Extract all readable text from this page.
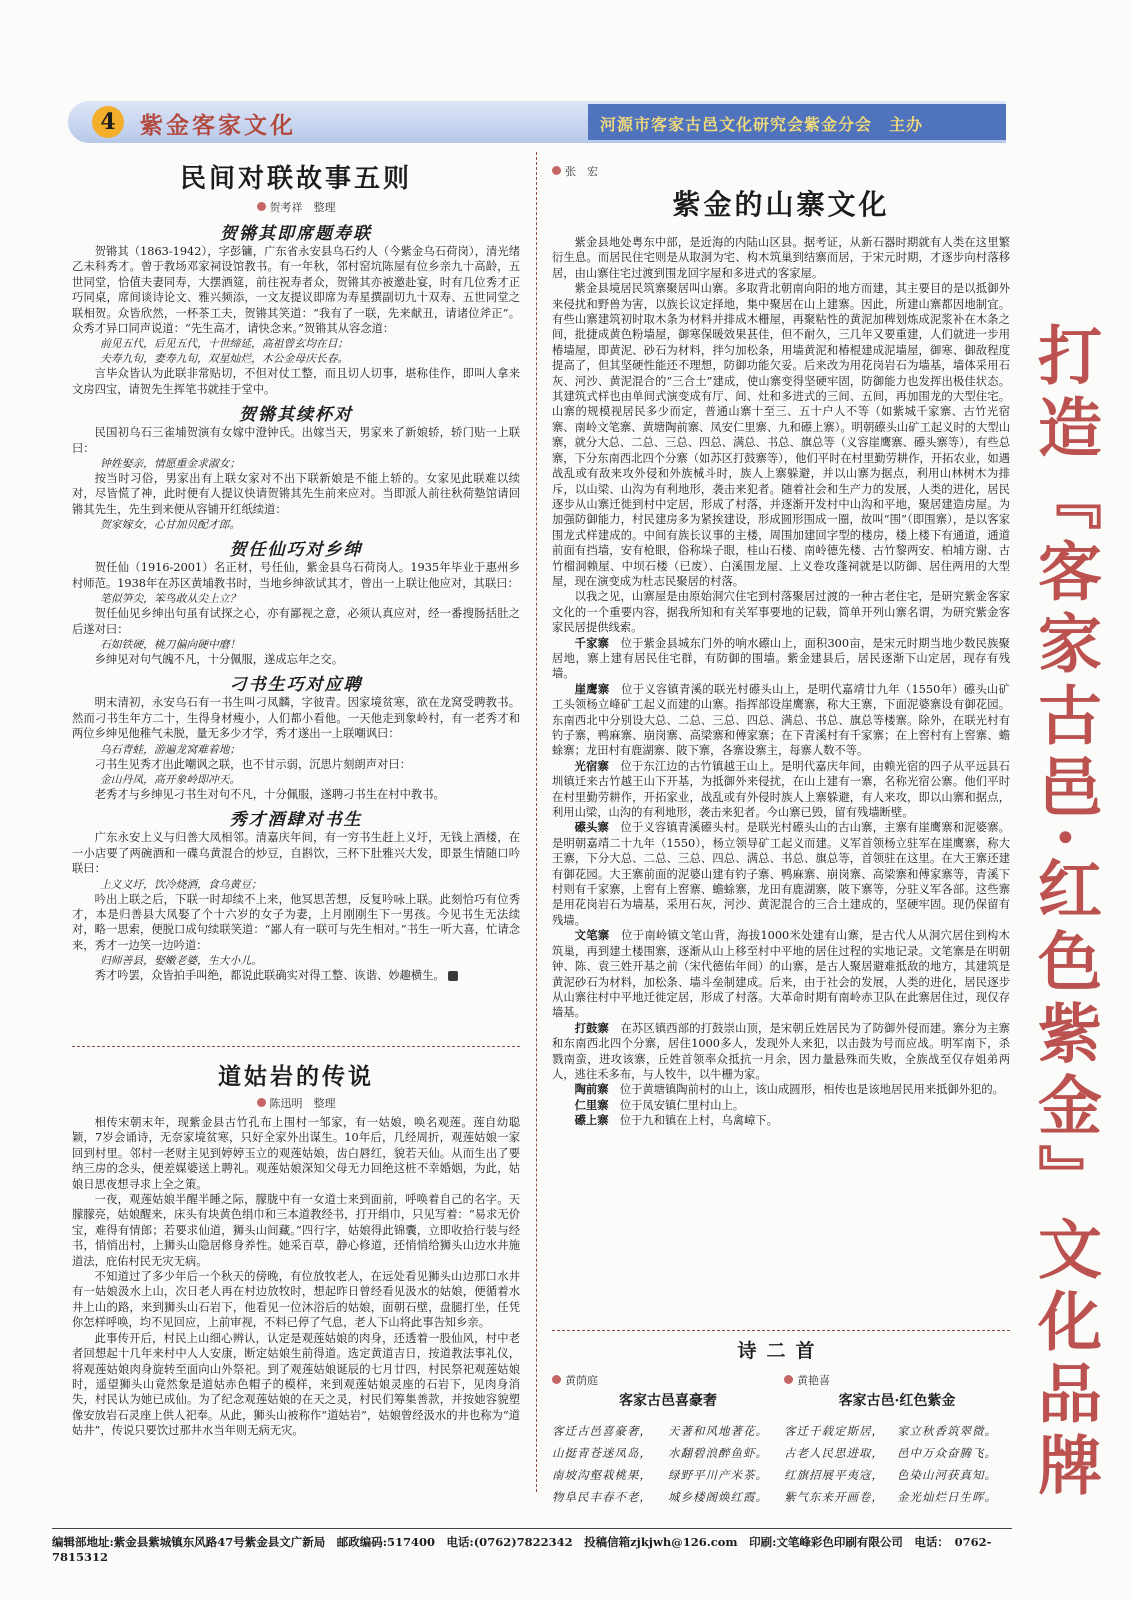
4	紫金客家文化	河源市客家古邑文化研究会紫金分会　主办
打造『客家古邑·红色紫金』文化品牌
民间对联故事五则
贺考祥　整理
贺锵其即席题寿联

贺锵其（1863-1942），字彭镛，广东省永安县乌石约人（今紫金乌石荷岗），清光绪乙未科秀才。曾于教场邓家祠设馆教书。有一年秋，邻村窑坑陈屋有位乡亲九十高龄，五世同堂，恰值夫妻同寿，大摆酒筵，前往祝寿者众，贺锵其亦被邀赴宴，时有几位秀才正巧同桌，席间谈诗论文、雅兴频添，一文友提议即席为寿星撰副切九十双寿、五世同堂之联相贺。众皆欣然，一杯茶工夫，贺锵其笑道：“我有了一联，先来献丑，请诸位斧正”。众秀才异口同声说道：“先生高才，请快念来。”贺锵其从容念道：

前见五代，后见五代，十世缔延，高祖曾玄均在目；
夫寿九旬，妻寿九旬，双星灿烂，木公金母庆长春。

言毕众皆认为此联非常贴切，不但对仗工整，而且切人切事，堪称佳作，即叫人拿来文房四宝，请贺先生挥笔书就挂于堂中。

贺锵其续杯对

民国初乌石三雀埔贺演有女嫁中澄钟氏。出嫁当天，男家来了新娘轿，轿门贴一上联曰：

钟姓娶亲，情愿重金求淑女；

按当时习俗，男家出有上联女家对不出下联新娘是不能上轿的。女家见此联难以续对，尽皆慌了神，此时便有人提议快请贺锵其先生前来应对。当即派人前往秋荷塾馆请回锵其先生，先生到来便从容铺开红纸续道：

贺家嫁女，心甘加贝配才郎。
贺任仙巧对乡绅

贺任仙（1916-2001）名正材，号任仙，紫金县乌石荷岗人。1935年毕业于惠州乡村师范。1938年在苏区黄埔教书时，当地乡绅欲试其才，曾出一上联让他应对，其联曰：

笔似笋尖，笨鸟敢从尖上立？

贺任仙见乡绅出句虽有试探之心，亦有鄙视之意，必须认真应对，经一番搜肠括肚之后遂对曰：

石如铁硬，桃刀偏向硬中磨！

乡绅见对句气魄不凡，十分佩服，遂成忘年之交。

刁书生巧对应聘

明末清初，永安乌石有一书生叫刁凤麟，字彼青。因家境贫寒，欲在龙窝受聘教书。然而刁书生年方二十，生得身材瘦小，人们都小看他。一天他走到象岭村，有一老秀才和两位乡绅见他稚气未脱，量无多少才学，秀才遂出一上联嘲讽曰：

乌石青蛙，游遍龙窝难着地；

刁书生见秀才出此嘲讽之联，也不甘示弱，沉思片刻朗声对曰：

金山丹凤，高开象岭即冲天。

老秀才与乡绅见刁书生对句不凡，十分佩服，遂聘刁书生在村中教书。

秀才酒肆对书生

广东永安上义与归善大凤相邻。清嘉庆年间，有一穷书生赶上义圩，无钱上酒楼，在一小店要了两碗酒和一碟乌黄混合的炒豆，自斟饮，三杯下肚雅兴大发，即景生情随口吟联曰：

上义义圩，饮冷烧酒，食乌黄豆；

吟出上联之后，下联一时却续不上来，他冥思苦想，反复吟咏上联。此刻恰巧有位秀才，本是归善县大凤娶了个十六岁的女子为妻，上月刚刚生下一男孩。今见书生无法续对，略一思索，便脱口成句续联笑道：“鄙人有一联可与先生相对。”书生一听大喜，忙请念来，秀才一边笑一边吟道：

归师善县，娶嫩老婆，生大小儿。

秀才吟罢，众皆拍手叫绝，都说此联确实对得工整、诙谐、妙趣横生。

道姑岩的传说
陈迅明　整理

相传宋朝末年，现紫金县古竹孔布上围村一邹家，有一姑娘，唤名观莲。莲自幼聪颖，7岁会诵诗，无奈家境贫寒，只好全家外出谋生。10年后，几经周折，观莲姑娘一家回到村里。邻村一老财主见到婷婷玉立的观莲姑娘，齿白唇红，貌若天仙。从而生出了要纳三房的念头，便差媒婆送上聘礼。观莲姑娘深知父母无力回绝这桩不幸婚姻，为此，姑娘日思夜想寻求上全之策。

一夜，观莲姑娘半醒半睡之际，朦胧中有一女道士来到面前，呼唤着自己的名字。天朦朦亮，姑娘醒来，床头有块黄色绢巾和三本道教经书，打开绢巾，只见写着：“易求无价宝，难得有情郎；若要求仙道，狮头山间藏。”四行字，姑娘得此锦囊，立即收拾行装与经书，悄悄出村，上狮头山隐居修身养性。她采百草，静心修道，还悄悄给狮头山边水井施道法，庇佑村民无灾无病。

不知道过了多少年后一个秋天的傍晚，有位放牧老人，在远处看见狮头山边那口水井有一姑娘汲水上山，次日老人再在村边放牧时，想起昨日曾经看见汲水的姑娘，便循着水井上山的路，来到狮头山石岩下，他看见一位沐浴后的姑娘，面朝石壁，盘腿打坐，任凭你怎样呼唤，均不见回应，上前审视，不料已停了气息，老人下山将此事告知乡亲。

此事传开后，村民上山细心辨认，认定是观莲姑娘的肉身，还透着一股仙风，村中老者回想起十几年来村中人人安康，断定姑娘生前得道。选定黄道吉日，按道教法事礼仪，将观莲姑娘肉身旋转至面向山外祭祀。到了观莲姑娘诞辰的七月廿四，村民祭祀观莲姑娘时，遥望狮头山竟然象是道姑赤色帽子的模样，来到观莲姑娘灵座的石岩下，见肉身消失，村民认为她已成仙。为了纪念观莲姑娘的在天之灵，村民们筹集善款，并按她容貌塑像安放岩石灵座上供人祀奉。从此，狮头山被称作“道姑岩”，姑娘曾经汲水的井也称为“道姑井”，传说只要饮过那井水当年则无病无灾。

张　宏
紫金的山寨文化

紫金县地处粤东中部，是近海的内陆山区县。据考证，从新石器时期就有人类在这里繁衍生息。而居民住宅则是从取洞为宅、构木筑巢到结寨而居，于宋元时期，才逐步向村落移居，由山寨住宅过渡到围龙回字屋和多进式的客家屋。

紫金县境居民筑寨聚居叫山寨。多取背北朝南向阳的地方而建，其主要目的是以抵御外来侵扰和野兽为害，以族长议定择地，集中聚居在山上建寨。因此，所建山寨都因地制宜。有些山寨建筑初时取木条为材料并排成木栅屋，再聚粘性的黄泥加稗划炼成泥浆补在木条之间，批捷成黄色粉墙屋，御寒保暖效果甚佳，但不耐久，三几年又要重建，人们就进一步用椿墙屋，即黄泥、砂石为材料，拌匀加松条，用墙黄泥和椿棍建成泥墙屋，御寒、御敌程度提高了，但其坚硬性能还不理想，防御功能欠妥。后来改为用花岗岩石为墙基，墙体采用石灰、河沙、黄泥混合的“三合土”建成，使山寨变得坚硬牢固，防御能力也发挥出极佳状态。其建筑式样也由单间式演变成有厅、间、灶和多进式的三间、五间，再加围龙的大型住宅。山寨的规模视居民多少而定，普通山寨十至三、五十户人不等（如紫城千家寨、古竹光宿寨、南岭文笔寨、黄塘陶前寨、凤安仁里寨、九和礤上寨）。明朝礤头山矿工起义时的大型山寨，就分大总、二总、三总、四总、满总、书总、旗总等（义容崖鹰寨、礤头寨等），有些总寨，下分东南西北四个分寨（如苏区打鼓寨等），他们平时在村里勤劳耕作，开拓农业，如遇战乱或有敌来攻外侵和外族械斗时，族人上寨躲避，并以山寨为据点，利用山林树木为排斥，以山梁、山沟为有利地形，袭击来犯者。随着社会和生产力的发展，人类的进化，居民逐步从山寨迁徙到村中定居，形成了村落，并逐渐开发村中山沟和平地，聚居建造房屋。为加强防御能力，村民建房多为紧挨建设，形成圆形围成一圈，故叫“围”（即围寨），是以客家围龙式样建成的。中间有族长议事的主楼，周围加建回字型的楼房，楼上楼下有通道，通道前面有挡墙，安有枪眼，俗称垛子眼，桂山石楼、南岭德先楼、古竹黎两安、柏埔方谢、古竹榴洞赖屋、中坝石楼（已废）、白溪围龙屋、上义卷攻蓬祠就是以防御、居住两用的大型屋，现在演变成为杜志民聚居的村落。

以我之见，山寨屋是由原始洞穴住宅到村落聚居过渡的一种古老住宅，是研究紫金客家文化的一个重要内容，据我所知和有关军事要地的记载，简单开列山寨名谓，为研究紫金客家民居提供线索。

千家寨　 位于紫金县城东门外的响水礤山上，面积300亩，是宋元时期当地少数民族聚居地，寨上建有居民住宅群，有防御的围墙。紫金建县后，居民逐渐下山定居，现存有残墙。

崖鹰寨　 位于义容镇青溪的联光村礤头山上，是明代嘉靖廿九年（1550年）礤头山矿工头领杨立峰矿工起义而建的山寨。指挥部设崖鹰寨，称大王寨，下面泥婆寨设有御花园。东南西北中分别设大总、二总、三总、四总、满总、书总、旗总等楼寨。除外，在联光村有钓子寨，鸭麻寨、崩岗寨、高梁寨和傅家寨；在下青溪村有千家寨；在上窖村有上窖寨、蟾蜍寨；龙田村有鹿湖寨、陂下寨，各寨设寨主，每寨人数不等。

光宿寨　 位于东江边的古竹镇越王山上。是明代嘉庆年间，由赖光宿的四子从平远县石圳镇迁来古竹越王山下开基，为抵御外来侵扰，在山上建有一寨，名称光宿公寨。他们平时在村里勤劳耕作，开拓家业，战乱或有外侵时族人上寨躲避，有人来攻，即以山寨和据点，利用山梁，山沟的有利地形，袭击来犯者。今山寨已毁，留有残墙断壁。

礤头寨　 位于义容镇青溪礤头村。是联光村礤头山的古山寨，主寨有崖鹰寨和泥婆寨。是明朝嘉靖二十九年（1550），杨立领导矿工起义而建。义军首领杨立驻军在崖鹰寨，称大王寨，下分大总、二总、三总、四总、满总、书总、旗总等，首领驻在这里。在大王寨还建有御花园。大王寨前面的泥婆山建有钓子寨、鸭麻寨、崩岗寨、高梁寨和傅家寨等，青溪下村则有千家寨，上窖有上窖寨、蟾蜍寨，龙田有鹿湖寨，陂下寨等，分驻义军各部。这些寨是用花岗岩石为墙基，采用石灰，河沙、黄泥混合的三合土建成的，坚硬牢固。现仍保留有残墙。

文笔寨　 位于南岭镇文笔山背，海拔1000米处建有山寨，是古代人从洞穴居住到构木筑巢，再到建土楼围寨，逐渐从山上移至村中平地的居住过程的实地记录。文笔寨是在明朝钟、陈、袁三姓开基之前（宋代德佑年间）的山寨，是古人聚居避难抵敌的地方，其建筑是黄泥砂石为材料，加松条、墙斗垒制建成。后来，由于社会的发展，人类的进化，居民逐步从山寨往村中平地迁徙定居，形成了村落。大革命时期有南岭赤卫队在此寨居住过，现仅存墙基。

打鼓寨　 在苏区镇西部的打鼓崇山顶，是宋朝丘姓居民为了防御外侵而建。寨分为主寨和东南西北四个分寨，居住1000多人，发现外人来犯，以击鼓为号而应战。明军南下，杀戮南蛮，进攻该寨，丘姓首领率众抵抗一月余，因力量悬殊而失败，全族战至仅存姐弟两人，逃往禾多布，与人牧牛，以牛栅为家。

陶前寨　 位于黄塘镇陶前村的山上，该山成圆形，相传也是该地居民用来抵御外犯的。

仁里寨　 位于凤安镇仁里村山上。

礤上寨　 位于九和镇在上村，乌禽嶂下。

诗二首
黄荫庭
客家古邑喜豪奢
客迁古邑喜豪奢，
山挺青苍迷凤岛，
南坡沟壑栽桃果，
物阜民丰春不老，
天著和风地著花。
水翻碧浪醉鱼虾。
绿野平川产米茶。
城乡楼阁焕红霞。
黄艳喜
客家古邑·红色紫金
客迁千载定斯居，
古老人民思进取，
红旗招展平夷寇，
紫气东来开画卷，
家立秋香筑翠微。
邑中万众奋腾飞。
色染山河获真知。
金光灿烂日生晖。
编辑部地址:紫金县紫城镇东风路47号紫金县文广新局　邮政编码:517400　电话:(0762)7822342　投稿信箱zjkjwh@126.com　印刷:文笔峰彩色印刷有限公司　电话：　0762-7815312
